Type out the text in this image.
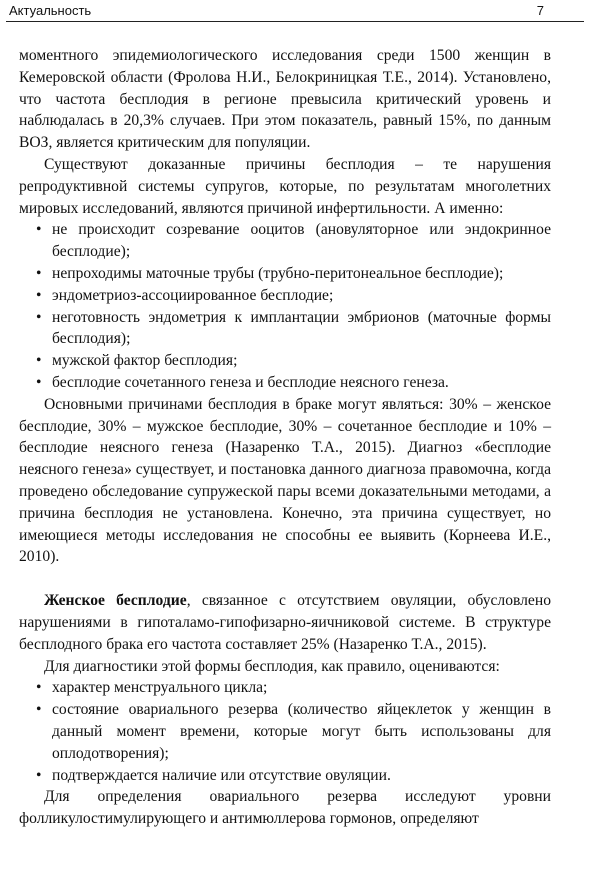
Актуальность	7

моментного эпидемиологического исследования среди 1500 женщин в Кемеровской области (Фролова Н.И., Белокриницкая Т.Е., 2014). Установлено, что частота бесплодия в регионе превысила критический уровень и наблюдалась в 20,3% случаев. При этом показатель, равный 15%, по данным ВОЗ, является критическим для популяции.

Существуют доказанные причины бесплодия – те нарушения репродуктивной системы супругов, которые, по результатам многолетних мировых исследований, являются причиной инфертильности. А именно:

• не происходит созревание ооцитов (ановуляторное или эндокринное бесплодие);
• непроходимы маточные трубы (трубно-перитонеальное бесплодие);
• эндометриоз-ассоциированное бесплодие;
• неготовность эндометрия к имплантации эмбрионов (маточные формы бесплодия);
• мужской фактор бесплодия;
• бесплодие сочетанного генеза и бесплодие неясного генеза.

Основными причинами бесплодия в браке могут являться: 30% – женское бесплодие, 30% – мужское бесплодие, 30% – сочетанное бесплодие и 10% – бесплодие неясного генеза (Назаренко Т.А., 2015). Диагноз «бесплодие неясного генеза» существует, и постановка данного диагноза правомочна, когда проведено обследование супружеской пары всеми доказательными методами, а причина бесплодия не установлена. Конечно, эта причина существует, но имеющиеся методы исследования не способны ее выявить (Корнеева И.Е., 2010).

Женское бесплодие, связанное с отсутствием овуляции, обусловлено нарушениями в гипоталамо-гипофизарно-яичниковой системе. В структуре бесплодного брака его частота составляет 25% (Назаренко Т.А., 2015).

Для диагностики этой формы бесплодия, как правило, оцениваются:

• характер менструального цикла;
• состояние овариального резерва (количество яйцеклеток у женщин в данный момент времени, которые могут быть использованы для оплодотворения);
• подтверждается наличие или отсутствие овуляции.

Для определения овариального резерва исследуют уровни фолликулостимулирующего и антимюллерова гормонов, определяют
